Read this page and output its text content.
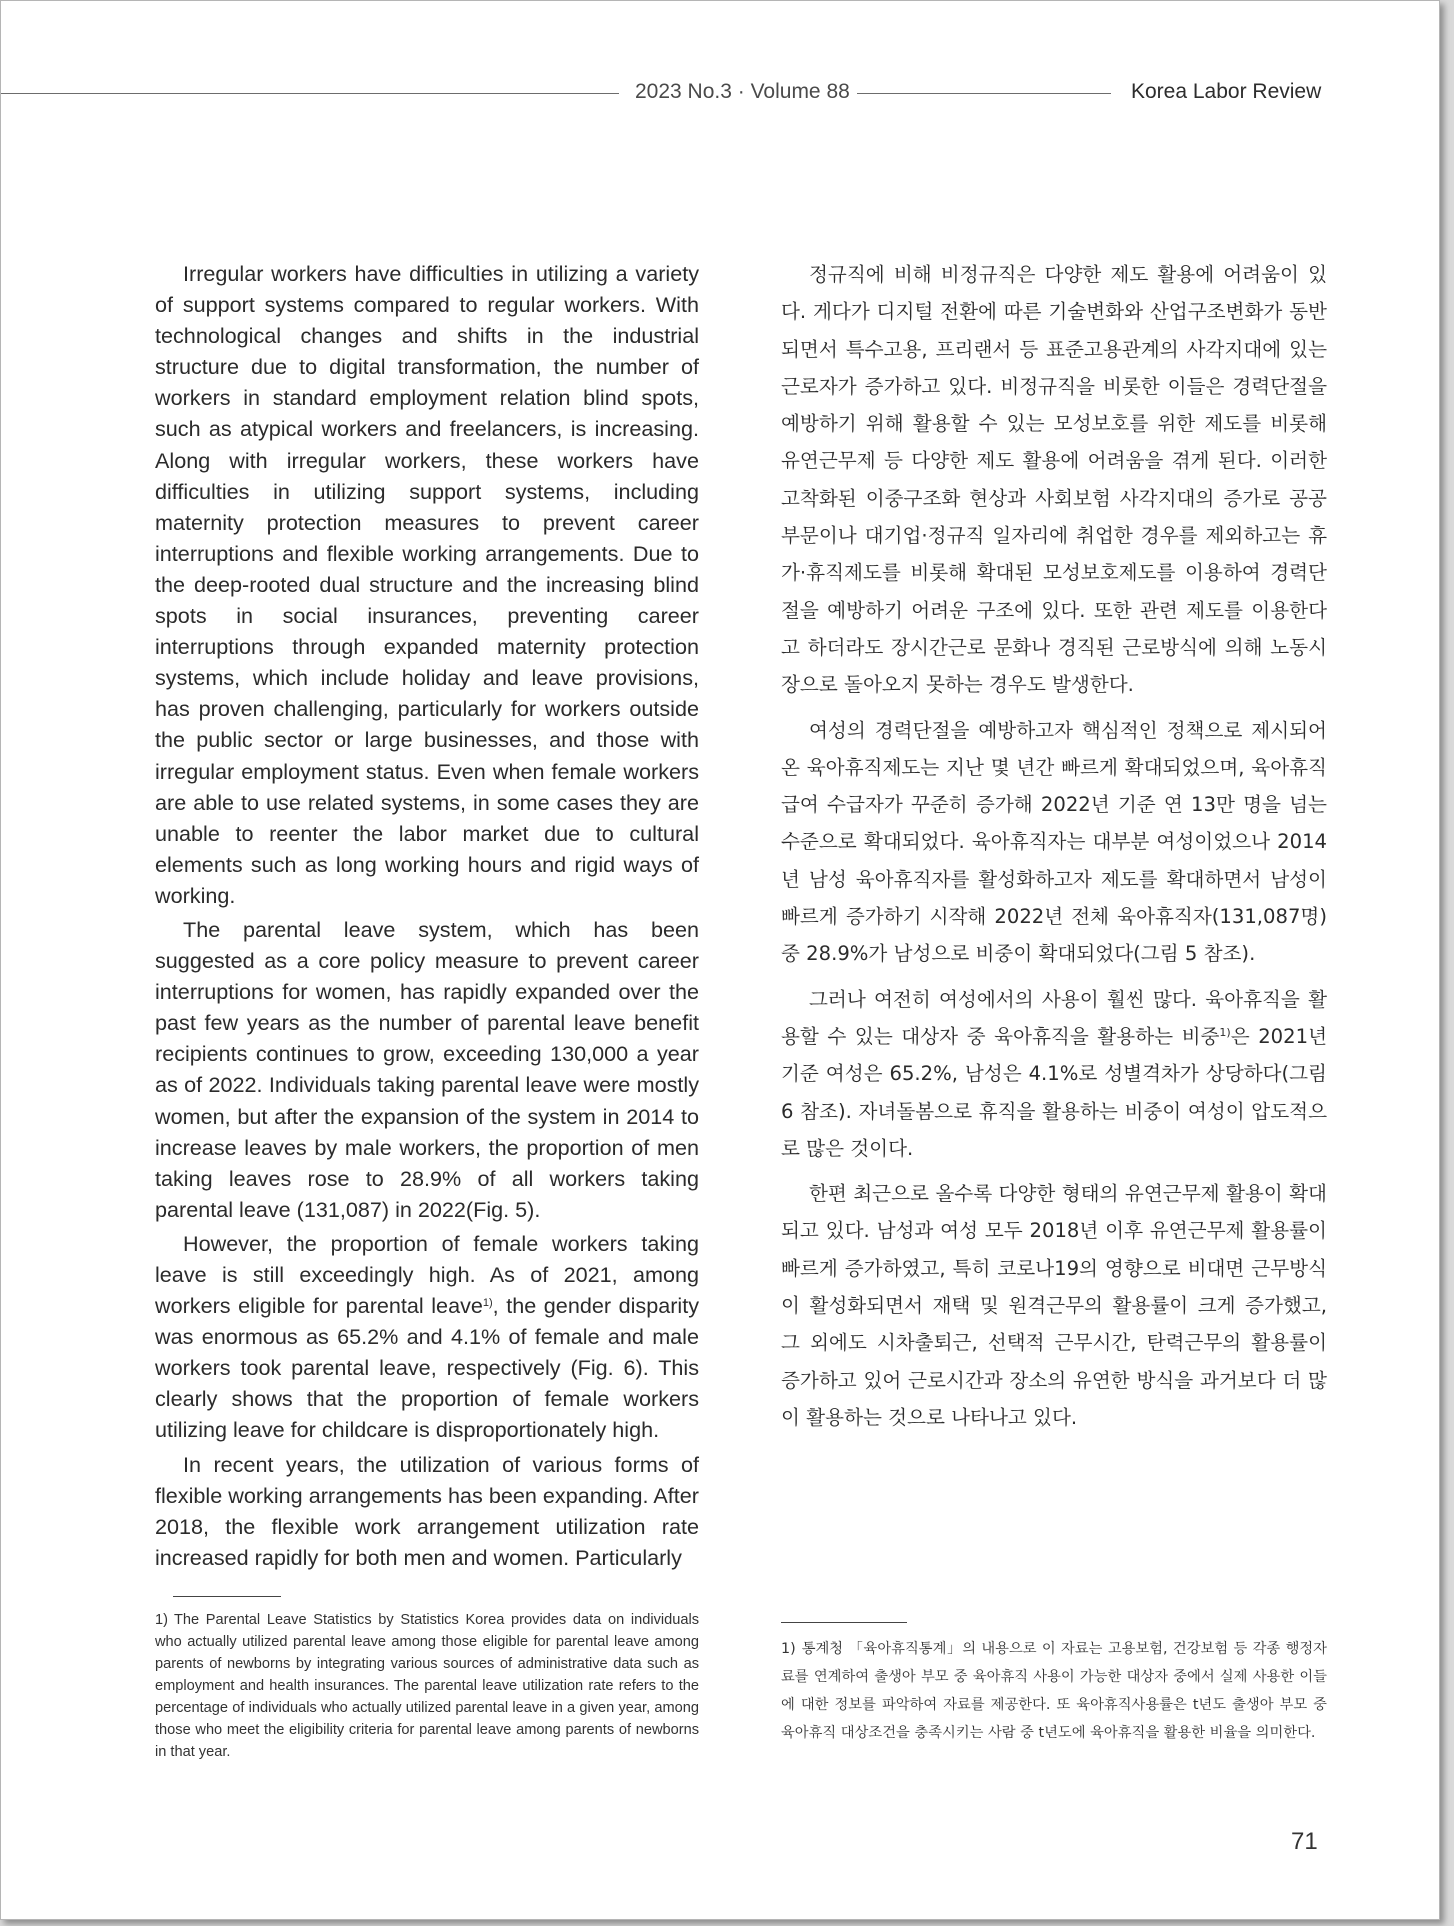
2023 No.3 · Volume 88	Korea Labor Review

Irregular workers have difficulties in utilizing a variety of support systems compared to regular workers. With technological changes and shifts in the industrial structure due to digital transformation, the number of workers in standard employment relation blind spots, such as atypical workers and freelancers, is increasing. Along with irregular workers, these workers have difficulties in utilizing support systems, including maternity protection measures to prevent career interruptions and flexible working arrangements. Due to the deep-rooted dual structure and the increasing blind spots in social insurances, preventing career interruptions through expanded maternity protection systems, which include holiday and leave provisions, has proven challenging, particularly for workers outside the public sector or large businesses, and those with irregular employment status. Even when female workers are able to use related systems, in some cases they are unable to reenter the labor market due to cultural elements such as long working hours and rigid ways of working.

The parental leave system, which has been suggested as a core policy measure to prevent career interruptions for women, has rapidly expanded over the past few years as the number of parental leave benefit recipients continues to grow, exceeding 130,000 a year as of 2022. Individuals taking parental leave were mostly women, but after the expansion of the system in 2014 to increase leaves by male workers, the proportion of men taking leaves rose to 28.9% of all workers taking parental leave (131,087) in 2022(Fig. 5).

However, the proportion of female workers taking leave is still exceedingly high. As of 2021, among workers eligible for parental leave$^{1)}$, the gender disparity was enormous as 65.2% and 4.1% of female and male workers took parental leave, respectively (Fig. 6). This clearly shows that the proportion of female workers utilizing leave for childcare is disproportionately high.

In recent years, the utilization of various forms of flexible working arrangements has been expanding. After 2018, the flexible work arrangement utilization rate increased rapidly for both men and women. Particularly

정규직에 비해 비정규직은 다양한 제도 활용에 어려움이 있다. 게다가 디지털 전환에 따른 기술변화와 산업구조변화가 동반되면서 특수고용, 프리랜서 등 표준고용관계의 사각지대에 있는 근로자가 증가하고 있다. 비정규직을 비롯한 이들은 경력단절을 예방하기 위해 활용할 수 있는 모성보호를 위한 제도를 비롯해 유연근무제 등 다양한 제도 활용에 어려움을 겪게 된다. 이러한 고착화된 이중구조화 현상과 사회보험 사각지대의 증가로 공공부문이나 대기업·정규직 일자리에 취업한 경우를 제외하고는 휴가·휴직제도를 비롯해 확대된 모성보호제도를 이용하여 경력단절을 예방하기 어려운 구조에 있다. 또한 관련 제도를 이용한다고 하더라도 장시간근로 문화나 경직된 근로방식에 의해 노동시장으로 돌아오지 못하는 경우도 발생한다.

여성의 경력단절을 예방하고자 핵심적인 정책으로 제시되어 온 육아휴직제도는 지난 몇 년간 빠르게 확대되었으며, 육아휴직 급여 수급자가 꾸준히 증가해 2022년 기준 연 13만 명을 넘는 수준으로 확대되었다. 육아휴직자는 대부분 여성이었으나 2014년 남성 육아휴직자를 활성화하고자 제도를 확대하면서 남성이 빠르게 증가하기 시작해 2022년 전체 육아휴직자(131,087명) 중 28.9%가 남성으로 비중이 확대되었다(그림 5 참조).

그러나 여전히 여성에서의 사용이 훨씬 많다. 육아휴직을 활용할 수 있는 대상자 중 육아휴직을 활용하는 비중$^{1)}$은 2021년 기준 여성은 65.2%, 남성은 4.1%로 성별격차가 상당하다(그림 6 참조). 자녀돌봄으로 휴직을 활용하는 비중이 여성이 압도적으로 많은 것이다.

한편 최근으로 올수록 다양한 형태의 유연근무제 활용이 확대되고 있다. 남성과 여성 모두 2018년 이후 유연근무제 활용률이 빠르게 증가하였고, 특히 코로나19의 영향으로 비대면 근무방식이 활성화되면서 재택 및 원격근무의 활용률이 크게 증가했고, 그 외에도 시차출퇴근, 선택적 근무시간, 탄력근무의 활용률이 증가하고 있어 근로시간과 장소의 유연한 방식을 과거보다 더 많이 활용하는 것으로 나타나고 있다.

1) The Parental Leave Statistics by Statistics Korea provides data on individuals who actually utilized parental leave among those eligible for parental leave among parents of newborns by integrating various sources of administrative data such as employment and health insurances. The parental leave utilization rate refers to the percentage of individuals who actually utilized parental leave in a given year, among those who meet the eligibility criteria for parental leave among parents of newborns in that year.

1) 통계청 「육아휴직통계」의 내용으로 이 자료는 고용보험, 건강보험 등 각종 행정자료를 연계하여 출생아 부모 중 육아휴직 사용이 가능한 대상자 중에서 실제 사용한 이들에 대한 정보를 파악하여 자료를 제공한다. 또 육아휴직사용률은 t년도 출생아 부모 중 육아휴직 대상조건을 충족시키는 사람 중 t년도에 육아휴직을 활용한 비율을 의미한다.

71
